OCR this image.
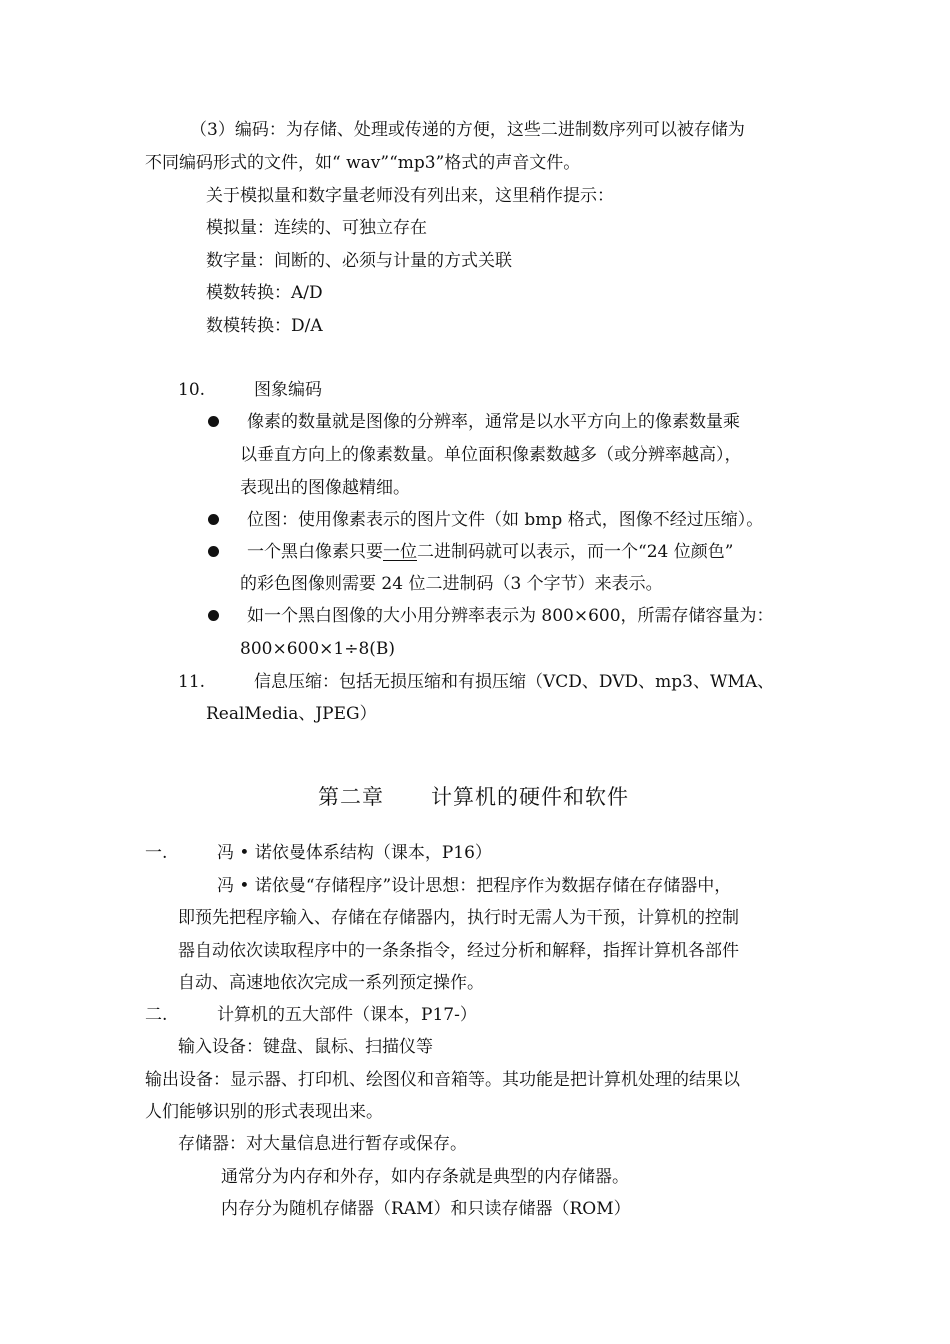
（3）编码：为存储、处理或传递的方便，这些二进制数序列可以被存储为
不同编码形式的文件，如“ wav”“mp3”格式的声音文件。
关于模拟量和数字量老师没有列出来，这里稍作提示：
模拟量：连续的、可独立存在
数字量：间断的、必须与计量的方式关联
模数转换：A/D
数模转换：D/A
10.	图象编码
像素的数量就是图像的分辨率，通常是以水平方向上的像素数量乘
以垂直方向上的像素数量。单位面积像素数越多（或分辨率越高），
表现出的图像越精细。
位图：使用像素表示的图片文件（如 bmp 格式，图像不经过压缩）。
一个黑白像素只要一位二进制码就可以表示，而一个“24 位颜色”
的彩色图像则需要 24 位二进制码（3 个字节）来表示。
如一个黑白图像的大小用分辨率表示为 800×600，所需存储容量为：
800×600×1÷8(B)
11.	信息压缩：包括无损压缩和有损压缩（VCD、DVD、mp3、WMA、
RealMedia、JPEG）
第二章 计算机的硬件和软件
一.	冯 • 诺依曼体系结构（课本，P16）
冯 • 诺依曼“存储程序”设计思想：把程序作为数据存储在存储器中，
即预先把程序输入、存储在存储器内，执行时无需人为干预，计算机的控制
器自动依次读取程序中的一条条指令，经过分析和解释，指挥计算机各部件
自动、高速地依次完成一系列预定操作。
二.	计算机的五大部件（课本，P17-）
输入设备：键盘、鼠标、扫描仪等
输出设备：显示器、打印机、绘图仪和音箱等。其功能是把计算机处理的结果以
人们能够识别的形式表现出来。
存储器：对大量信息进行暂存或保存。
通常分为内存和外存，如内存条就是典型的内存储器。
内存分为随机存储器（RAM）和只读存储器（ROM）
